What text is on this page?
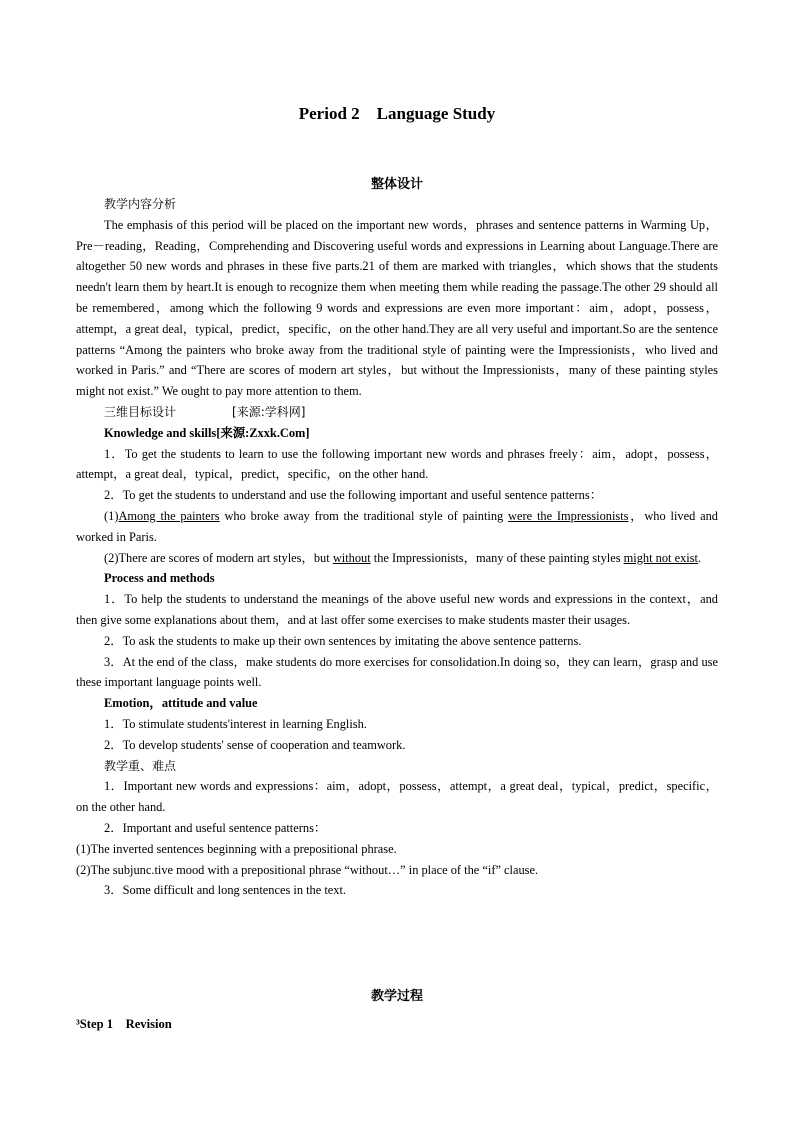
Period 2    Language Study
整体设计

教学内容分析

The emphasis of this period will be placed on the important new words，phrases and sentence patterns in Warming Up，Pre－reading，Reading，Comprehending and Discovering useful words and expressions in Learning about Language.There are altogether 50 new words and phrases in these five parts.21 of them are marked with triangles，which shows that the students needn't learn them by heart.It is enough to recognize them when meeting them while reading the passage.The other 29 should all be remembered，among which the following 9 words and expressions are even more important：aim，adopt，possess，attempt，a great deal，typical，predict，specific，on the other hand.They are all very useful and important.So are the sentence patterns “Among the painters who broke away from the traditional style of painting were the Impressionists，who lived and worked in Paris.” and “There are scores of modern art styles，but without the Impressionists，many of these painting styles might not exist.” We ought to pay more attention to them.

三维目标设计	[来源:学科网]

Knowledge and skills[来源:Zxxk.Com]

1．To get the students to learn to use the following important new words and phrases freely：aim，adopt，possess，attempt，a great deal，typical，predict，specific，on the other hand.

2．To get the students to understand and use the following important and useful sentence patterns：

(1)Among the painters who broke away from the traditional style of painting were the Impressionists，who lived and worked in Paris.

(2)There are scores of modern art styles，but without the Impressionists，many of these painting styles might not exist.

Process and methods

1．To help the students to understand the meanings of the above useful new words and expressions in the context，and then give some explanations about them，and at last offer some exercises to make students master their usages.

2．To ask the students to make up their own sentences by imitating the above sentence patterns.

3．At the end of the class，make students do more exercises for consolidation.In doing so，they can learn，grasp and use these important language points well.

Emotion，attitude and value

1．To stimulate students'interest in learning English.

2．To develop students' sense of cooperation and teamwork.

教学重、难点

1．Important new words and expressions：aim，adopt，possess，attempt，a great deal，typical，predict，specific，on the other hand.

2．Important and useful sentence patterns：

(1)The inverted sentences beginning with a prepositional phrase.

(2)The subjunc.tive mood with a prepositional phrase “without…” in place of the “if” clause.

3．Some difficult and long sentences in the text.

教学过程
³Step 1    Revision
